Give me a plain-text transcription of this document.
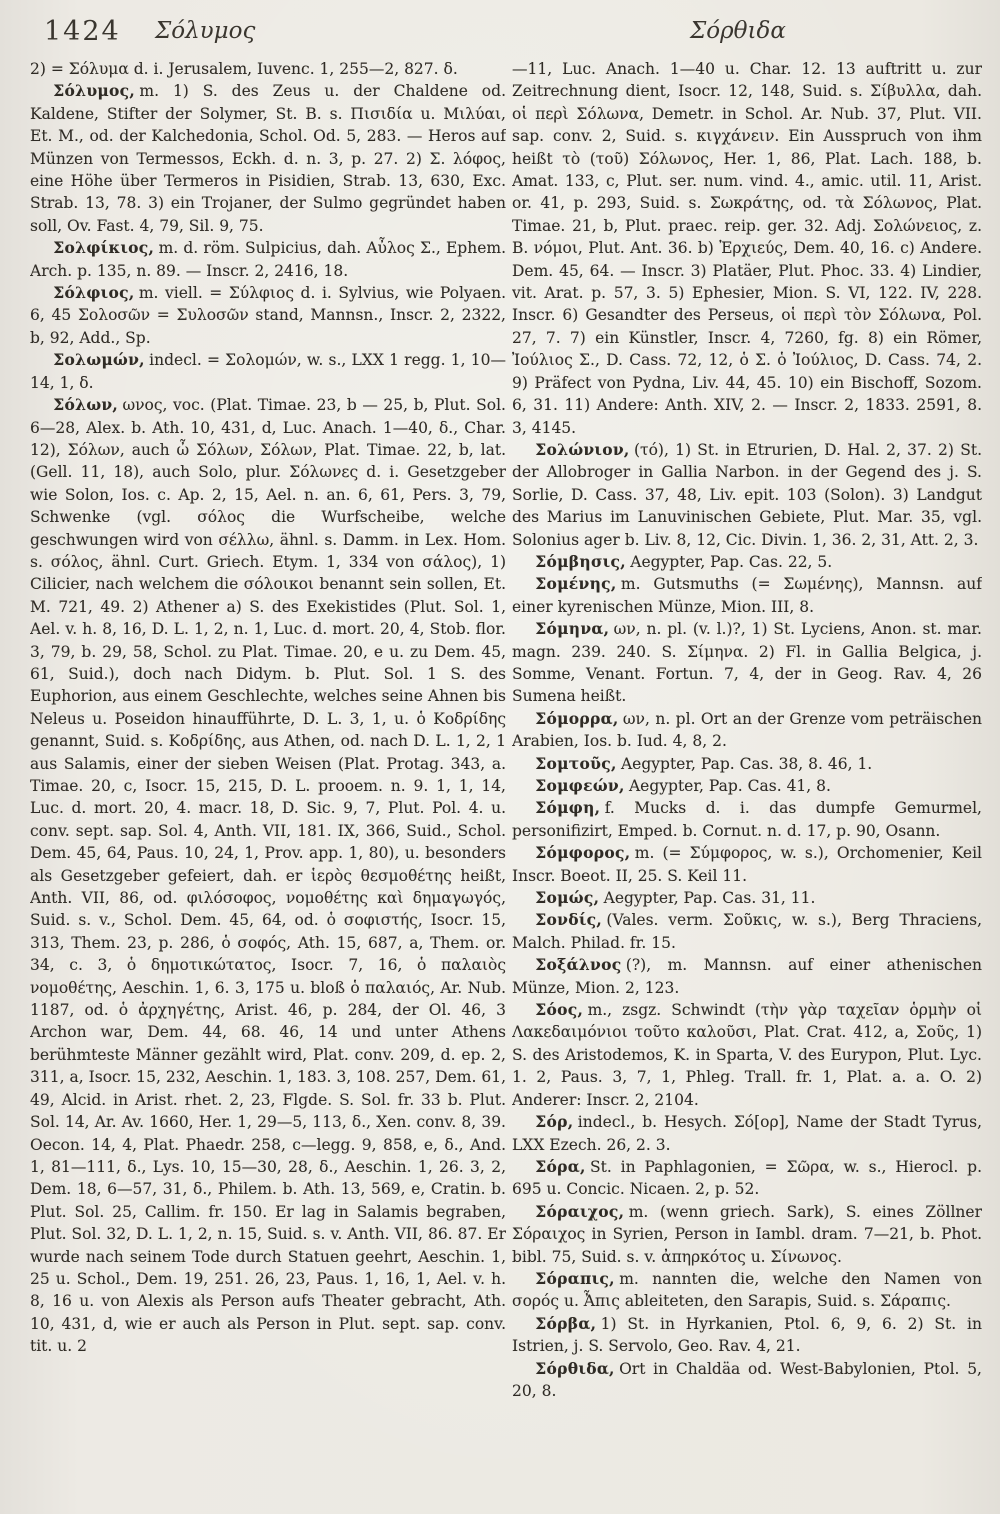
1424 Σόλυμος	Σόρθιδα

2) = Σόλυμα d. i. Jerusalem, Iuvenc. 1, 255—2, 827. δ.

Σόλυμος, m. 1) S. des Zeus u. der Chaldene od. Kaldene, Stifter der Solymer, St. B. s. Πισιδία u. Μιλύαι, Et. M., od. der Kalchedonia, Schol. Od. 5, 283. — Heros auf Münzen von Termessos, Eckh. d. n. 3, p. 27. 2) Σ. λόφος, eine Höhe über Termeros in Pisidien, Strab. 13, 630, Exc. Strab. 13, 78. 3) ein Trojaner, der Sulmo gegründet haben soll, Ov. Fast. 4, 79, Sil. 9, 75.

Σολφίκιος, m. d. röm. Sulpicius, dah. Αὖλος Σ., Ephem. Arch. p. 135, n. 89. — Inscr. 2, 2416, 18.

Σόλφιος, m. viell. = Σύλφιος d. i. Sylvius, wie Polyaen. 6, 45 Σολοσῶν = Συλοσῶν stand, Mannsn., Inscr. 2, 2322, b, 92, Add., Sp.

Σολωμών, indecl. = Σολομών, w. s., LXX 1 regg. 1, 10—14, 1, δ.

Σόλων, ωνος, voc. (Plat. Timae. 23, b — 25, b, Plut. Sol. 6—28, Alex. b. Ath. 10, 431, d, Luc. Anach. 1—40, δ., Char. 12), Σόλων, auch ὦ Σόλων, Σόλων, Plat. Timae. 22, b, lat. (Gell. 11, 18), auch Solo, plur. Σόλωνες d. i. Gesetzgeber wie Solon, Ios. c. Ap. 2, 15, Ael. n. an. 6, 61, Pers. 3, 79, Schwenke (vgl. σόλος die Wurfscheibe, welche geschwungen wird von σέλλω, ähnl. s. Damm. in Lex. Hom. s. σόλος, ähnl. Curt. Griech. Etym. 1, 334 von σάλος), 1) Cilicier, nach welchem die σόλοικοι benannt sein sollen, Et. M. 721, 49. 2) Athener a) S. des Exekistides (Plut. Sol. 1, Ael. v. h. 8, 16, D. L. 1, 2, n. 1, Luc. d. mort. 20, 4, Stob. flor. 3, 79, b. 29, 58, Schol. zu Plat. Timae. 20, e u. zu Dem. 45, 61, Suid.), doch nach Didym. b. Plut. Sol. 1 S. des Euphorion, aus einem Geschlechte, welches seine Ahnen bis Neleus u. Poseidon hinaufführte, D. L. 3, 1, u. ὁ Κοδρίδης genannt, Suid. s. Κοδρίδης, aus Athen, od. nach D. L. 1, 2, 1 aus Salamis, einer der sieben Weisen (Plat. Protag. 343, a. Timae. 20, c, Isocr. 15, 215, D. L. prooem. n. 9. 1, 1, 14, Luc. d. mort. 20, 4. macr. 18, D. Sic. 9, 7, Plut. Pol. 4. u. conv. sept. sap. Sol. 4, Anth. VII, 181. IX, 366, Suid., Schol. Dem. 45, 64, Paus. 10, 24, 1, Prov. app. 1, 80), u. besonders als Gesetzgeber gefeiert, dah. er ἱερὸς θεσμοθέτης heißt, Anth. VII, 86, od. φιλόσοφος, νομοθέτης καὶ δημαγωγός, Suid. s. v., Schol. Dem. 45, 64, od. ὁ σοφιστής, Isocr. 15, 313, Them. 23, p. 286, ὁ σοφός, Ath. 15, 687, a, Them. or. 34, c. 3, ὁ δημοτικώτατος, Isocr. 7, 16, ὁ παλαιὸς νομοθέτης, Aeschin. 1, 6. 3, 175 u. bloß ὁ παλαιός, Ar. Nub. 1187, od. ὁ ἀρχηγέτης, Arist. 46, p. 284, der Ol. 46, 3 Archon war, Dem. 44, 68. 46, 14 und unter Athens berühmteste Männer gezählt wird, Plat. conv. 209, d. ep. 2, 311, a, Isocr. 15, 232, Aeschin. 1, 183. 3, 108. 257, Dem. 61, 49, Alcid. in Arist. rhet. 2, 23, Flgde. S. Sol. fr. 33 b. Plut. Sol. 14, Ar. Av. 1660, Her. 1, 29—5, 113, δ., Xen. conv. 8, 39. Oecon. 14, 4, Plat. Phaedr. 258, c—legg. 9, 858, e, δ., And. 1, 81—111, δ., Lys. 10, 15—30, 28, δ., Aeschin. 1, 26. 3, 2, Dem. 18, 6—57, 31, δ., Philem. b. Ath. 13, 569, e, Cratin. b. Plut. Sol. 25, Callim. fr. 150. Er lag in Salamis begraben, Plut. Sol. 32, D. L. 1, 2, n. 15, Suid. s. v. Anth. VII, 86. 87. Er wurde nach seinem Tode durch Statuen geehrt, Aeschin. 1, 25 u. Schol., Dem. 19, 251. 26, 23, Paus. 1, 16, 1, Ael. v. h. 8, 16 u. von Alexis als Person aufs Theater gebracht, Ath. 10, 431, d, wie er auch als Person in Plut. sept. sap. conv. tit. u. 2

—11, Luc. Anach. 1—40 u. Char. 12. 13 auftritt u. zur Zeitrechnung dient, Isocr. 12, 148, Suid. s. Σίβυλλα, dah. οἱ περὶ Σόλωνα, Demetr. in Schol. Ar. Nub. 37, Plut. VII. sap. conv. 2, Suid. s. κιγχάνειν. Ein Ausspruch von ihm heißt τὸ (τοῦ) Σόλωνος, Her. 1, 86, Plat. Lach. 188, b. Amat. 133, c, Plut. ser. num. vind. 4., amic. util. 11, Arist. or. 41, p. 293, Suid. s. Σωκράτης, od. τὰ Σόλωνος, Plat. Timae. 21, b, Plut. praec. reip. ger. 32. Adj. Σολώνειος, z. B. νόμοι, Plut. Ant. 36. b) Ἐρχιεύς, Dem. 40, 16. c) Andere. Dem. 45, 64. — Inscr. 3) Platäer, Plut. Phoc. 33. 4) Lindier, vit. Arat. p. 57, 3. 5) Ephesier, Mion. S. VI, 122. IV, 228. Inscr. 6) Gesandter des Perseus, οἱ περὶ τὸν Σόλωνα, Pol. 27, 7. 7) ein Künstler, Inscr. 4, 7260, fg. 8) ein Römer, Ἰούλιος Σ., D. Cass. 72, 12, ὁ Σ. ὁ Ἰούλιος, D. Cass. 74, 2. 9) Präfect von Pydna, Liv. 44, 45. 10) ein Bischoff, Sozom. 6, 31. 11) Andere: Anth. XIV, 2. — Inscr. 2, 1833. 2591, 8. 3, 4145.

Σολώνιον, (τό), 1) St. in Etrurien, D. Hal. 2, 37. 2) St. der Allobroger in Gallia Narbon. in der Gegend des j. S. Sorlie, D. Cass. 37, 48, Liv. epit. 103 (Solon). 3) Landgut des Marius im Lanuvinischen Gebiete, Plut. Mar. 35, vgl. Solonius ager b. Liv. 8, 12, Cic. Divin. 1, 36. 2, 31, Att. 2, 3.

Σόμβησις, Aegypter, Pap. Cas. 22, 5.

Σομένης, m. Gutsmuths (= Σωμένης), Mannsn. auf einer kyrenischen Münze, Mion. III, 8.

Σόμηνα, ων, n. pl. (v. l.)?, 1) St. Lyciens, Anon. st. mar. magn. 239. 240. S. Σίμηνα. 2) Fl. in Gallia Belgica, j. Somme, Venant. Fortun. 7, 4, der in Geog. Rav. 4, 26 Sumena heißt.

Σόμορρα, ων, n. pl. Ort an der Grenze vom peträischen Arabien, Ios. b. Iud. 4, 8, 2.

Σομτοῦς, Aegypter, Pap. Cas. 38, 8. 46, 1.

Σομφεών, Aegypter, Pap. Cas. 41, 8.

Σόμφη, f. Mucks d. i. das dumpfe Gemurmel, personifizirt, Emped. b. Cornut. n. d. 17, p. 90, Osann.

Σόμφορος, m. (= Σύμφορος, w. s.), Orchomenier, Keil Inscr. Boeot. II, 25. S. Keil 11.

Σομώς, Aegypter, Pap. Cas. 31, 11.

Σονδίς, (Vales. verm. Σοῦκις, w. s.), Berg Thraciens, Malch. Philad. fr. 15.

Σοξάλνος (?), m. Mannsn. auf einer athenischen Münze, Mion. 2, 123.

Σόος, m., zsgz. Schwindt (τὴν γὰρ ταχεῖαν ὁρμὴν οἱ Λακεδαιμόνιοι τοῦτο καλοῦσι, Plat. Crat. 412, a, Σοῦς, 1) S. des Aristodemos, K. in Sparta, V. des Eurypon, Plut. Lyc. 1. 2, Paus. 3, 7, 1, Phleg. Trall. fr. 1, Plat. a. a. O. 2) Anderer: Inscr. 2, 2104.

Σόρ, indecl., b. Hesych. Σό[ορ], Name der Stadt Tyrus, LXX Ezech. 26, 2. 3.

Σόρα, St. in Paphlagonien, = Σῶρα, w. s., Hierocl. p. 695 u. Concic. Nicaen. 2, p. 52.

Σόραιχος, m. (wenn griech. Sark), S. eines Zöllner Σόραιχος in Syrien, Person in Iambl. dram. 7—21, b. Phot. bibl. 75, Suid. s. v. ἀπηρκότος u. Σίνωνος.

Σόραπις, m. nannten die, welche den Namen von σορός u. Ἆπις ableiteten, den Sarapis, Suid. s. Σάραπις.

Σόρβα, 1) St. in Hyrkanien, Ptol. 6, 9, 6. 2) St. in Istrien, j. S. Servolo, Geo. Rav. 4, 21.

Σόρθιδα, Ort in Chaldäa od. West-Babylonien, Ptol. 5, 20, 8.
